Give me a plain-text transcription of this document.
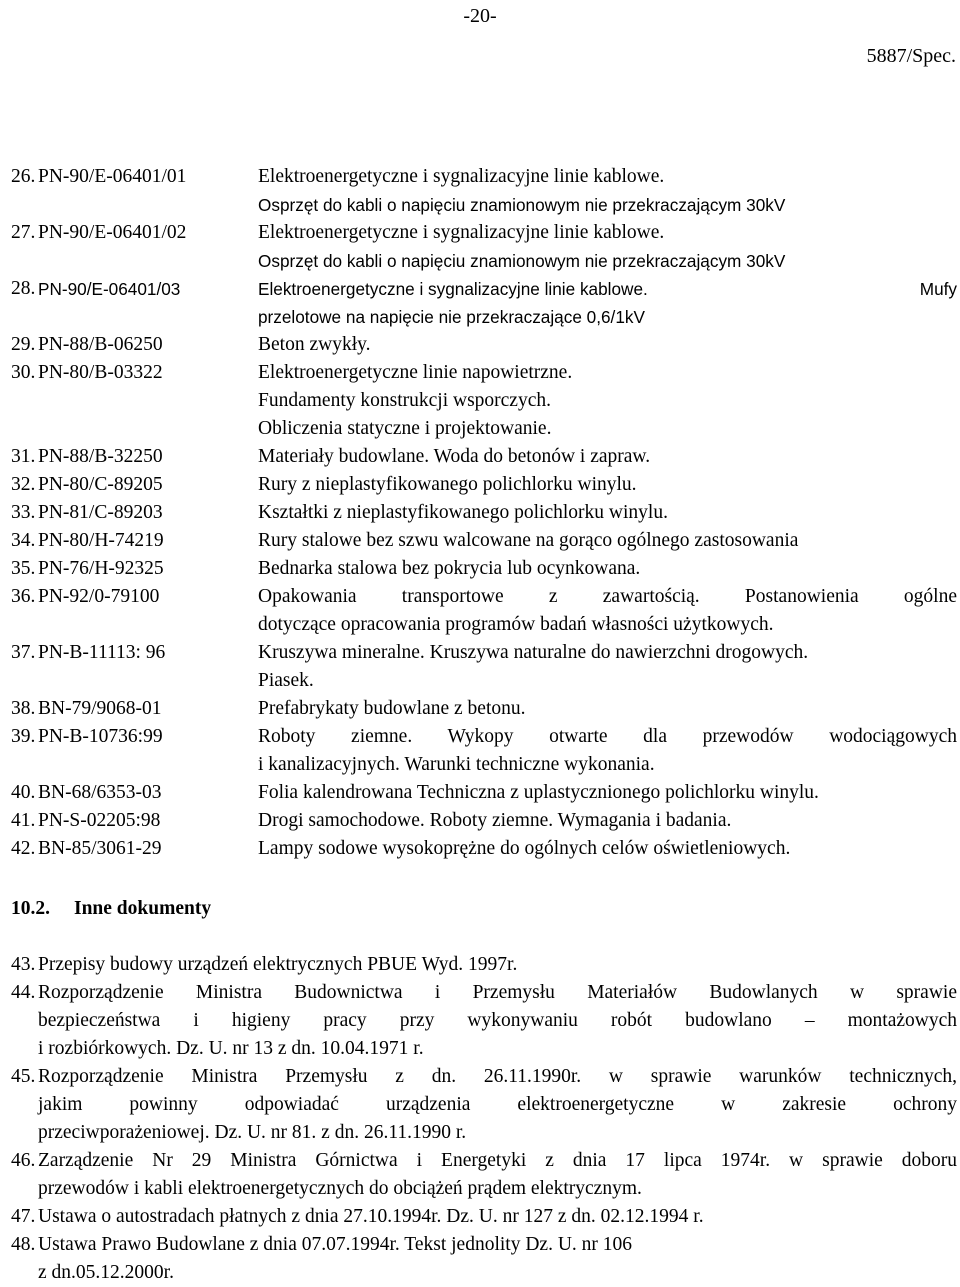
-20-
5887/Spec.
26. PN-90/E-06401/01	Elektroenergetyczne i sygnalizacyjne linie kablowe.
Osprzęt do kabli o napięciu znamionowym nie przekraczającym 30kV
27. PN-90/E-06401/02	Elektroenergetyczne i sygnalizacyjne linie kablowe.
Osprzęt do kabli o napięciu znamionowym nie przekraczającym 30kV
28. PN-90/E-06401/03	Elektroenergetyczne i sygnalizacyjne linie kablowe.	Mufy
przelotowe na napięcie nie przekraczające 0,6/1kV
29. PN-88/B-06250	Beton zwykły.
30. PN-80/B-03322	Elektroenergetyczne linie napowietrzne.
Fundamenty konstrukcji wsporczych.
Obliczenia statyczne i projektowanie.
31. PN-88/B-32250	Materiały budowlane. Woda do betonów i zapraw.
32. PN-80/C-89205	Rury z nieplastyfikowanego polichlorku winylu.
33. PN-81/C-89203	Kształtki z nieplastyfikowanego polichlorku winylu.
34. PN-80/H-74219	Rury stalowe bez szwu walcowane na gorąco ogólnego zastosowania
35. PN-76/H-92325	Bednarka stalowa bez pokrycia lub ocynkowana.
36. PN-92/0-79100	Opakowania transportowe z zawartością. Postanowienia ogólne
dotyczące opracowania programów badań własności użytkowych.
37. PN-B-11113: 96	Kruszywa mineralne. Kruszywa naturalne do nawierzchni drogowych.
Piasek.
38. BN-79/9068-01	Prefabrykaty budowlane z betonu.
39. PN-B-10736:99	Roboty ziemne. Wykopy otwarte dla przewodów wodociągowych
i kanalizacyjnych. Warunki techniczne wykonania.
40. BN-68/6353-03	Folia kalendrowana Techniczna z uplastycznionego polichlorku winylu.
41. PN-S-02205:98	Drogi samochodowe. Roboty ziemne. Wymagania i badania.
42. BN-85/3061-29	Lampy sodowe wysokoprężne do ogólnych celów oświetleniowych.
10.2. Inne dokumenty
43. Przepisy budowy urządzeń elektrycznych PBUE Wyd. 1997r.
44. Rozporządzenie Ministra Budownictwa i Przemysłu Materiałów Budowlanych w sprawie
bezpieczeństwa i higieny pracy przy wykonywaniu robót budowlano – montażowych
i rozbiórkowych. Dz. U. nr 13 z dn. 10.04.1971 r.
45. Rozporządzenie Ministra Przemysłu z dn. 26.11.1990r. w sprawie warunków technicznych,
jakim powinny odpowiadać urządzenia elektroenergetyczne w zakresie ochrony
przeciwporażeniowej. Dz. U. nr 81. z dn. 26.11.1990 r.
46. Zarządzenie Nr 29 Ministra Górnictwa i Energetyki z dnia 17 lipca 1974r. w sprawie doboru
przewodów i kabli elektroenergetycznych do obciążeń prądem elektrycznym.
47. Ustawa o autostradach płatnych z dnia 27.10.1994r. Dz. U. nr 127 z dn. 02.12.1994 r.
48. Ustawa Prawo Budowlane z dnia 07.07.1994r. Tekst jednolity Dz. U. nr 106
z dn.05.12.2000r.
